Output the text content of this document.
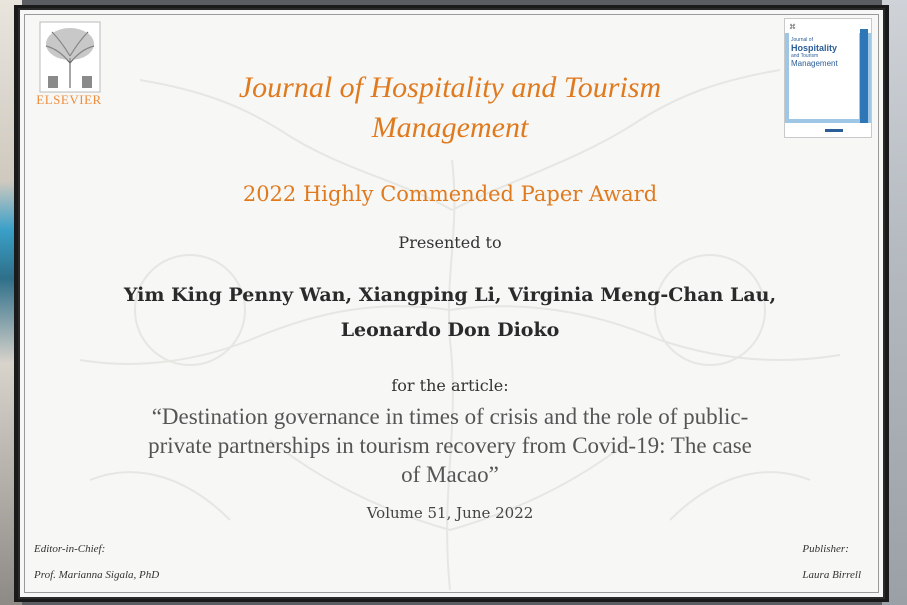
ELSEVIER
⌘
Journal of
Hospitality
and Tourism
Management
Journal of Hospitality and Tourism Management
2022 Highly Commended Paper Award
Presented to
Yim King Penny Wan, Xiangping Li, Virginia Meng-Chan Lau,
Leonardo Don Dioko
for the article:
“Destination governance in times of crisis and the role of public-
private partnerships in tourism recovery from Covid-19: The case
of Macao”
Volume 51, June 2022
Editor-in-Chief:
Prof. Marianna Sigala, PhD
Publisher:
Laura Birrell
